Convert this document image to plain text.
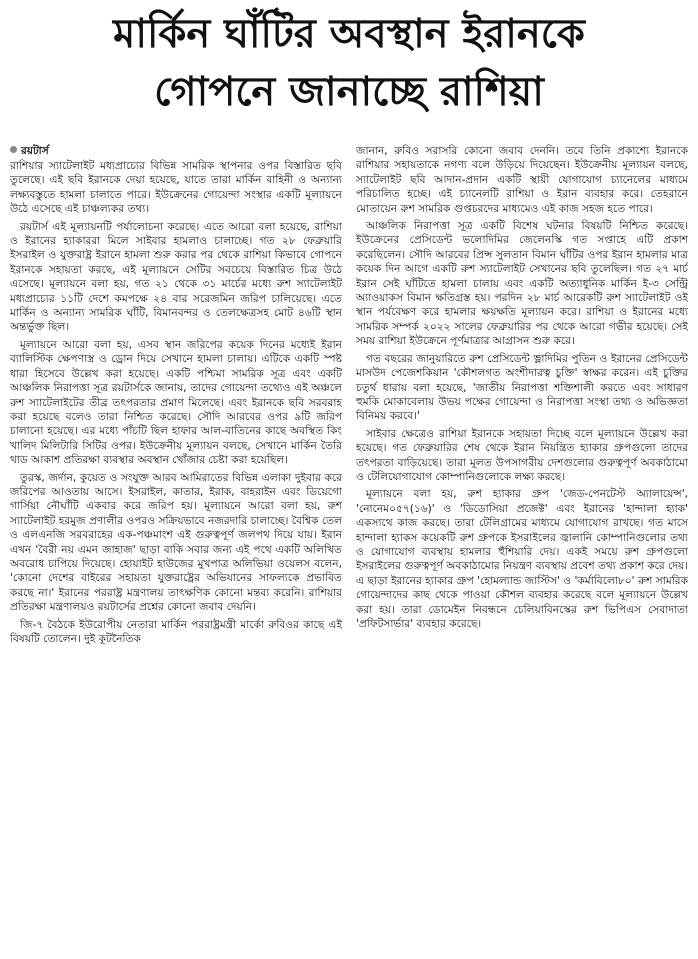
মার্কিন ঘাঁটির অবস্থান ইরানকে
গোপনে জানাচ্ছে রাশিয়া
রয়টার্স

রাশিয়ার স্যাটেলাইট মধ্যপ্রাচ্যের বিভিন্ন সামরিক স্থাপনার ওপর বিস্তারিত ছবি তুলেছে। এই ছবি ইরানকে দেয়া হয়েছে, যাতে তারা মার্কিন বাহিনী ও অন্যান্য লক্ষ্যবস্তুতে হামলা চালাতে পারে। ইউক্রেনের গোয়েন্দা সংস্থার একটি মূল্যায়নে উঠে এসেছে এই চাঞ্চল্যকর তথ্য।

রয়টার্স এই মূল্যায়নটি পর্যালোচনা করেছে। এতে আরো বলা হয়েছে, রাশিয়া ও ইরানের হ্যাকাররা মিলে সাইবার হামলাও চালাচ্ছে। গত ২৮ ফেব্রুয়ারি ইসরাইল ও যুক্তরাষ্ট্র ইরানে হামলা শুরু করার পর থেকে রাশিয়া কিভাবে গোপনে ইরানকে সহায়তা করছে, এই মূল্যায়নে সেটির সবচেয়ে বিস্তারিত চিত্র উঠে এসেছে। মূল্যায়নে বলা হয়, গত ২১ থেকে ৩১ মার্চের মধ্যে রুশ স্যাটেলাইট মধ্যপ্রাচ্যের ১১টি দেশে কমপক্ষে ২৪ বার সরেজমিন জরিপ চালিয়েছে। এতে মার্কিন ও অন্যান্য সামরিক ঘাঁটি, বিমানবন্দর ও তেলক্ষেত্রসহ মোট ৪৬টি স্থান অন্তর্ভুক্ত ছিল।

মূল্যায়নে আরো বলা হয়, এসব স্থান জরিপের কয়েক দিনের মধ্যেই ইরান ব্যালিস্টিক ক্ষেপণাস্ত্র ও ড্রোন দিয়ে সেখানে হামলা চালায়। এটিকে একটি স্পষ্ট ধারা হিসেবে উল্লেখ করা হয়েছে। একটি পশ্চিমা সামরিক সূত্র এবং একটি আঞ্চলিক নিরাপত্তা সূত্র রয়টার্সকে জানায়, তাদের গোয়েন্দা তথ্যেও এই অঞ্চলে রুশ স্যাটেলাইটের তীব্র তৎপরতার প্রমাণ মিলেছে। এবং ইরানকে ছবি সরবরাহ করা হয়েছে বলেও তারা নিশ্চিত করেছে। সৌদি আরবের ওপর ৯টি জরিপ চালানো হয়েছে। এর মধ্যে পাঁচটি ছিল হাফার আল-বাতিনের কাছে অবস্থিত কিং খালিদ মিলিটারি সিটির ওপর। ইউক্রেনীয় মূল্যায়ন বলছে, সেখানে মার্কিন তৈরি থাড আকাশ প্রতিরক্ষা ব্যবস্থার অবস্থান খোঁজার চেষ্টা করা হয়েছিল।

তুরস্ক, জর্দান, কুয়েত ও সংযুক্ত আরব আমিরাতের বিভিন্ন এলাকা দুইবার করে জরিপের আওতায় আসে। ইসরাইল, কাতার, ইরাক, বাহরাইন এবং ডিয়েগো গার্সিয়া নৌঘাঁটি একবার করে জরিপ হয়। মূল্যায়নে আরো বলা হয়, রুশ স্যাটেলাইট হরমুজ প্রণালীর ওপরও সক্রিয়ভাবে নজরদারি চালাচ্ছে। বৈশ্বিক তেল ও এলএনজি সরবরাহের এক-পঞ্চমাংশ এই গুরুত্বপূর্ণ জলপথ দিয়ে যায়। ইরান এখন 'বৈরী নয় এমন জাহাজ' ছাড়া বাকি সবার জন্য এই পথে একটি অলিখিত অবরোধ চাপিয়ে দিয়েছে। হোয়াইট হাউজের মুখপাত্র অলিভিয়া ওয়েলস বলেন, 'কোনো দেশের বাইরের সহায়তা যুক্তরাষ্ট্রের অভিযানের সাফল্যকে প্রভাবিত করছে না।' ইরানের পররাষ্ট্র মন্ত্রণালয় তাৎক্ষণিক কোনো মন্তব্য করেনি। রাশিয়ার প্রতিরক্ষা মন্ত্রণালয়ও রয়টার্সের প্রশ্নের কোনো জবাব দেয়নি।

জি-৭ বৈঠকে ইউরোপীয় নেতারা মার্কিন পররাষ্ট্রমন্ত্রী মার্কো রুবিওর কাছে এই বিষয়টি তোলেন। দুই কূটনৈতিক

জানান, রুবিও সরাসরি কোনো জবাব দেননি। তবে তিনি প্রকাশ্যে ইরানকে রাশিয়ার সহায়তাকে নগণ্য বলে উড়িয়ে দিয়েছেন। ইউক্রেনীয় মূল্যায়ন বলছে, স্যাটেলাইট ছবি আদান-প্রদান একটি স্থায়ী যোগাযোগ চ্যানেলের মাধ্যমে পরিচালিত হচ্ছে। এই চ্যানেলটি রাশিয়া ও ইরান ব্যবহার করে। তেহরানে মোতায়েন রুশ সামরিক গুপ্তচরদের মাধ্যমেও এই কাজ সহজ হতে পারে।

আঞ্চলিক নিরাপত্তা সূত্র একটি বিশেষ ঘটনার বিষয়টি নিশ্চিত করেছে। ইউক্রেনের প্রেসিডেন্ট ভলোদিমির জেলেনস্কি গত সপ্তাহে এটি প্রকাশ করেছিলেন। সৌদি আরবের প্রিন্স সুলতান বিমান ঘাঁটির ওপর ইরান হামলার মাত্র কয়েক দিন আগে একটি রুশ স্যাটেলাইট সেখানের ছবি তুলেছিল। গত ২৭ মার্চ ইরান সেই ঘাঁটিতে হামলা চালায় এবং একটি অত্যাধুনিক মার্কিন ই-৩ সেন্ট্রি অ্যাওয়াকস বিমান ক্ষতিগ্রস্ত হয়। পরদিন ২৮ মার্চ আরেকটি রুশ স্যাটেলাইট ওই স্থান পর্যবেক্ষণ করে হামলার ক্ষয়ক্ষতি মূল্যায়ন করে। রাশিয়া ও ইরানের মধ্যে সামরিক সম্পর্ক ২০২২ সালের ফেব্রুয়ারির পর থেকে আরো গভীর হয়েছে। সেই সময় রাশিয়া ইউক্রেনে পূর্ণমাত্রার আগ্রাসন শুরু করে।

গত বছরের জানুয়ারিতে রুশ প্রেসিডেন্ট ভ্লাদিমির পুতিন ও ইরানের প্রেসিডেন্ট মাসউদ পেজেশকিয়ান 'কৌশলগত অংশীদারত্ব চুক্তি' স্বাক্ষর করেন। এই চুক্তির চতুর্থ ধারায় বলা হয়েছে, 'জাতীয় নিরাপত্তা শক্তিশালী করতে এবং সাধারণ হুমকি মোকাবেলায় উভয় পক্ষের গোয়েন্দা ও নিরাপত্তা সংস্থা তথ্য ও অভিজ্ঞতা বিনিময় করবে।'

সাইবার ক্ষেত্রেও রাশিয়া ইরানকে সহায়তা দিচ্ছে বলে মূল্যায়নে উল্লেখ করা হয়েছে। গত ফেব্রুয়ারির শেষ থেকে ইরান নিয়ন্ত্রিত হ্যাকার গ্রুপগুলো তাদের তৎপরতা বাড়িয়েছে। তারা মূলত উপসাগরীয় দেশগুলোর গুরুত্বপূর্ণ অবকাঠামো ও টেলিযোগাযোগ কোম্পানিগুলোকে লক্ষ্য করছে।

মূল্যায়নে বলা হয়, রুশ হ্যাকার গ্রুপ 'জেড-পেনটেস্ট অ্যালায়েন্স', 'নোনেম০৫৭(১৬)' ও 'ডিডোসিয়া প্রজেক্ট' এবং ইরানের 'হান্দালা হ্যাক' একসাথে কাজ করছে। তারা টেলিগ্রামের মাধ্যমে যোগাযোগ রাখছে। গত মাসে হান্দালা হ্যাকস কয়েকটি রুশ গ্রুপকে ইসরাইলের জ্বালানি কোম্পানিগুলোর তথ্য ও যোগাযোগ ব্যবস্থায় হামলার হুঁশিয়ারি দেয়। একই সময়ে রুশ গ্রুপগুলো ইসরাইলের গুরুত্বপূর্ণ অবকাঠামোর নিয়ন্ত্রণ ব্যবস্থায় প্রবেশ তথ্য প্রকাশ করে দেয়। এ ছাড়া ইরানের হ্যাকার গ্রুপ 'হোমল্যান্ড জাস্টিস' ও 'কর্মাবিলো৮০' রুশ সামরিক গোয়েন্দাদের কাছ থেকে পাওয়া কৌশল ব্যবহার করেছে বলে মূল্যায়নে উল্লেখ করা হয়। তারা ডোমেইন নিবন্ধনে চেলিয়াবিনস্কের রুশ ভিপিএস সেবাদাতা 'প্রফিটসার্ভার' ব্যবহার করেছে।
